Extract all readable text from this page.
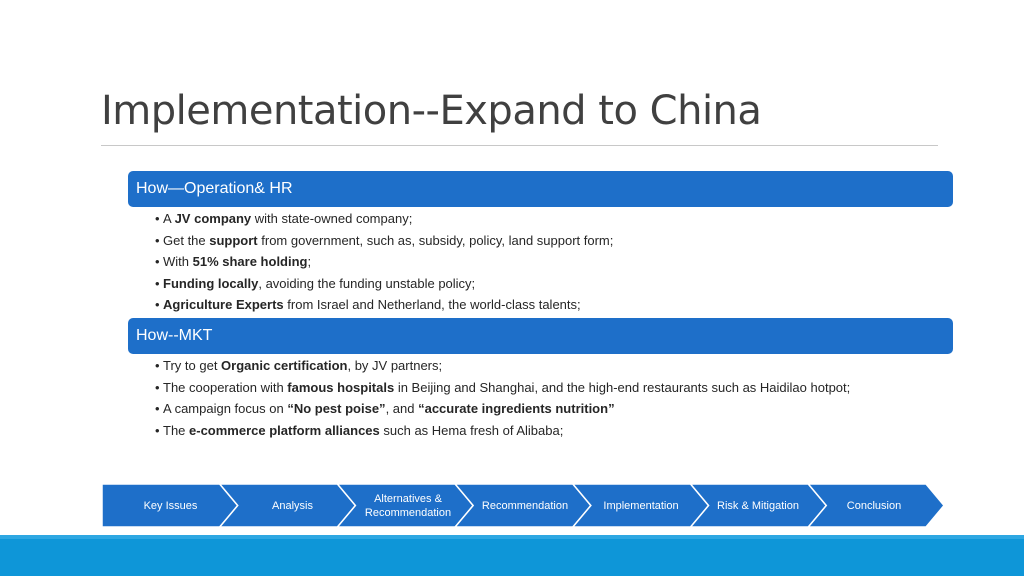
Implementation--Expand to China
How—Operation& HR
• A JV company with state-owned company;
• Get the support from government, such as, subsidy, policy, land support form;
• With 51% share holding;
• Funding locally, avoiding the funding unstable policy;
• Agriculture Experts from Israel and Netherland, the world-class talents;
How--MKT
• Try to get Organic certification, by JV partners;
• The cooperation with famous hospitals in Beijing and Shanghai, and the high-end restaurants such as Haidilao hotpot;
• A campaign focus on “No pest poise”, and “accurate ingredients nutrition”
• The e-commerce platform alliances such as Hema fresh of Alibaba;
Key Issues	Analysis
Alternatives &
Recommendation
Recommendation	Implementation	Risk & Mitigation	Conclusion
